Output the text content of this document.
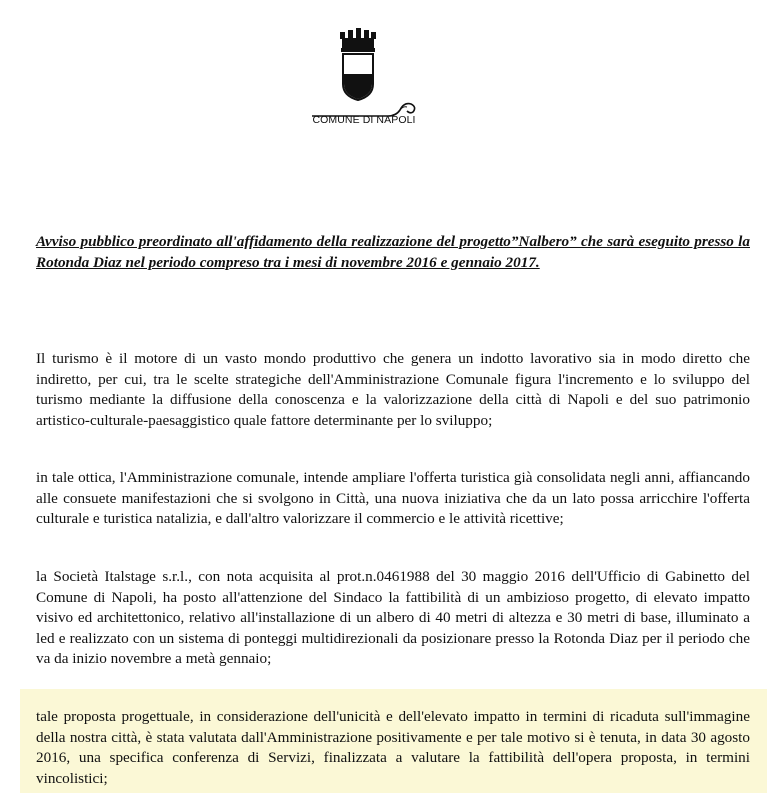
COMUNE DI NAPOLI

Avviso pubblico preordinato all'affidamento della realizzazione del progetto”Nalbero” che sarà eseguito presso la Rotonda Diaz nel periodo compreso tra i mesi di novembre 2016 e gennaio 2017.

Il turismo è il motore di un vasto mondo produttivo che genera un indotto lavorativo sia in modo diretto che indiretto, per cui, tra le scelte strategiche dell'Amministrazione Comunale figura l'incremento e lo sviluppo del turismo mediante la diffusione della conoscenza e la valorizzazione della città di Napoli e del suo patrimonio artistico-culturale-paesaggistico quale fattore determinante per lo sviluppo;

in tale ottica, l'Amministrazione comunale, intende ampliare l'offerta turistica già consolidata negli anni, affiancando alle consuete manifestazioni che si svolgono in Città, una nuova iniziativa che da un lato possa arricchire l'offerta culturale e turistica natalizia, e dall'altro valorizzare il commercio e le attività ricettive;

la Società Italstage s.r.l., con nota acquisita al prot.n.0461988 del 30 maggio 2016 dell'Ufficio di Gabinetto del Comune di Napoli, ha posto all'attenzione del Sindaco la fattibilità di un ambizioso progetto, di elevato impatto visivo ed architettonico, relativo all'installazione di un albero di 40 metri di altezza e 30 metri di base, illuminato a led e realizzato con un sistema di ponteggi multidirezionali da posizionare presso la Rotonda Diaz per il periodo che va da inizio novembre a metà gennaio;

tale proposta progettuale, in considerazione dell'unicità e dell'elevato impatto in termini di ricaduta sull'immagine della nostra città, è stata valutata dall'Amministrazione positivamente e per tale motivo si è tenuta, in data 30 agosto 2016, una specifica conferenza di Servizi, finalizzata a valutare la fattibilità dell'opera proposta, in termini vincolistici;
